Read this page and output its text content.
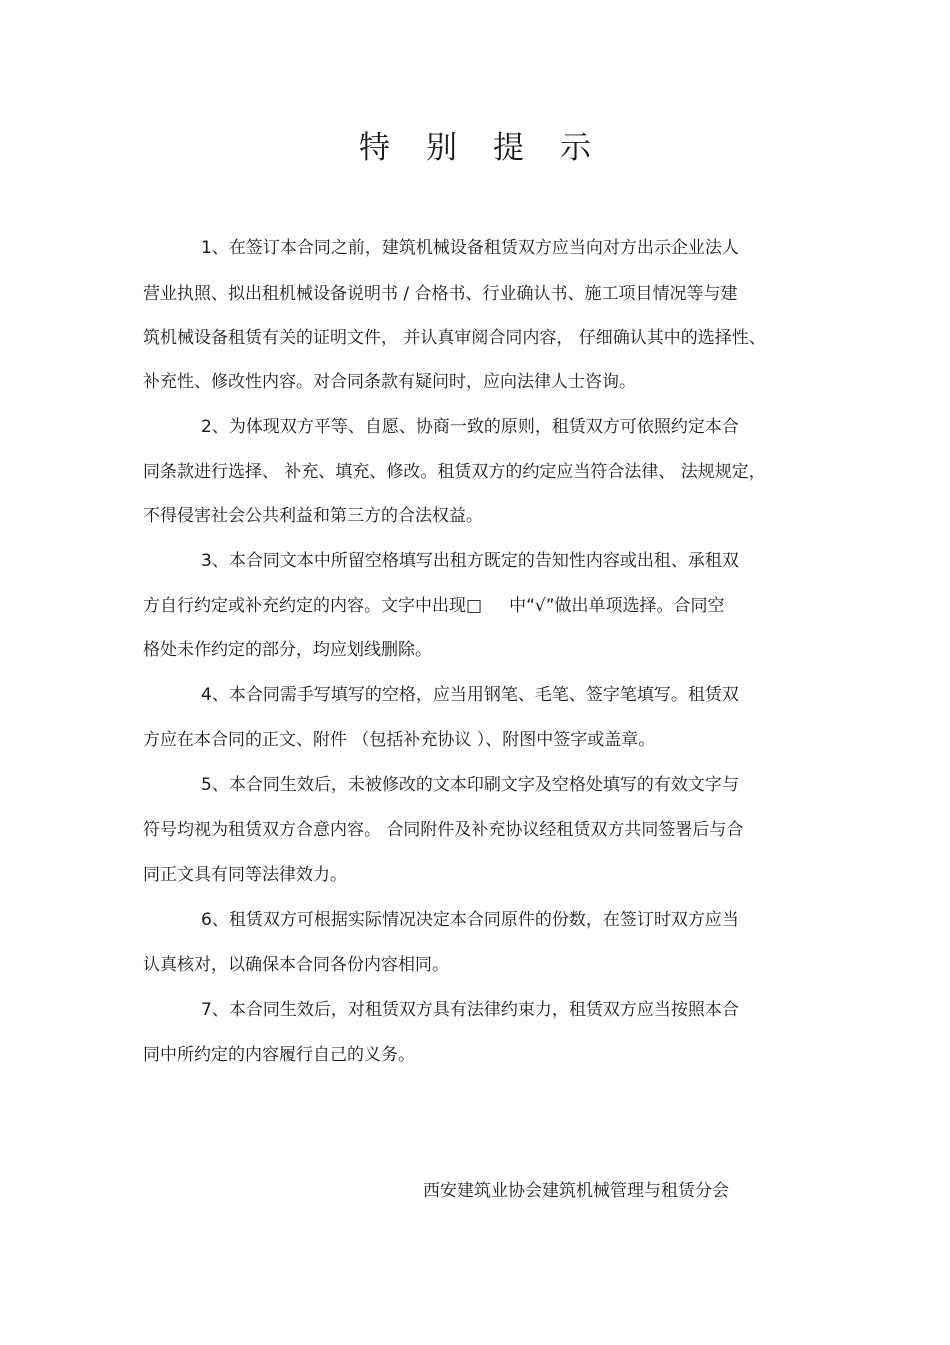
特 别 提 示
1、在签订本合同之前，建筑机械设备租赁双方应当向对方出示企业法人
营业执照、拟出租机械设备说明书 / 合格书、行业确认书、施工项目情况等与建
筑机械设备租赁有关的证明文件， 并认真审阅合同内容， 仔细确认其中的选择性、
补充性、修改性内容。对合同条款有疑问时，应向法律人士咨询。
2、为体现双方平等、自愿、协商一致的原则，租赁双方可依照约定本合
同条款进行选择、 补充、填充、修改。租赁双方的约定应当符合法律、 法规规定，
不得侵害社会公共利益和第三方的合法权益。
3、本合同文本中所留空格填写出租方既定的告知性内容或出租、承租双
方自行约定或补充约定的内容。文字中出现□     中“√”做出单项选择。合同空
格处未作约定的部分，均应划线删除。
4、本合同需手写填写的空格，应当用钢笔、毛笔、签字笔填写。租赁双
方应在本合同的正文、附件 （包括补充协议 ）、附图中签字或盖章。
5、本合同生效后，未被修改的文本印刷文字及空格处填写的有效文字与
符号均视为租赁双方合意内容。 合同附件及补充协议经租赁双方共同签署后与合
同正文具有同等法律效力。
6、租赁双方可根据实际情况决定本合同原件的份数，在签订时双方应当
认真核对，以确保本合同各份内容相同。
7、本合同生效后，对租赁双方具有法律约束力，租赁双方应当按照本合
同中所约定的内容履行自己的义务。
西安建筑业协会建筑机械管理与租赁分会
